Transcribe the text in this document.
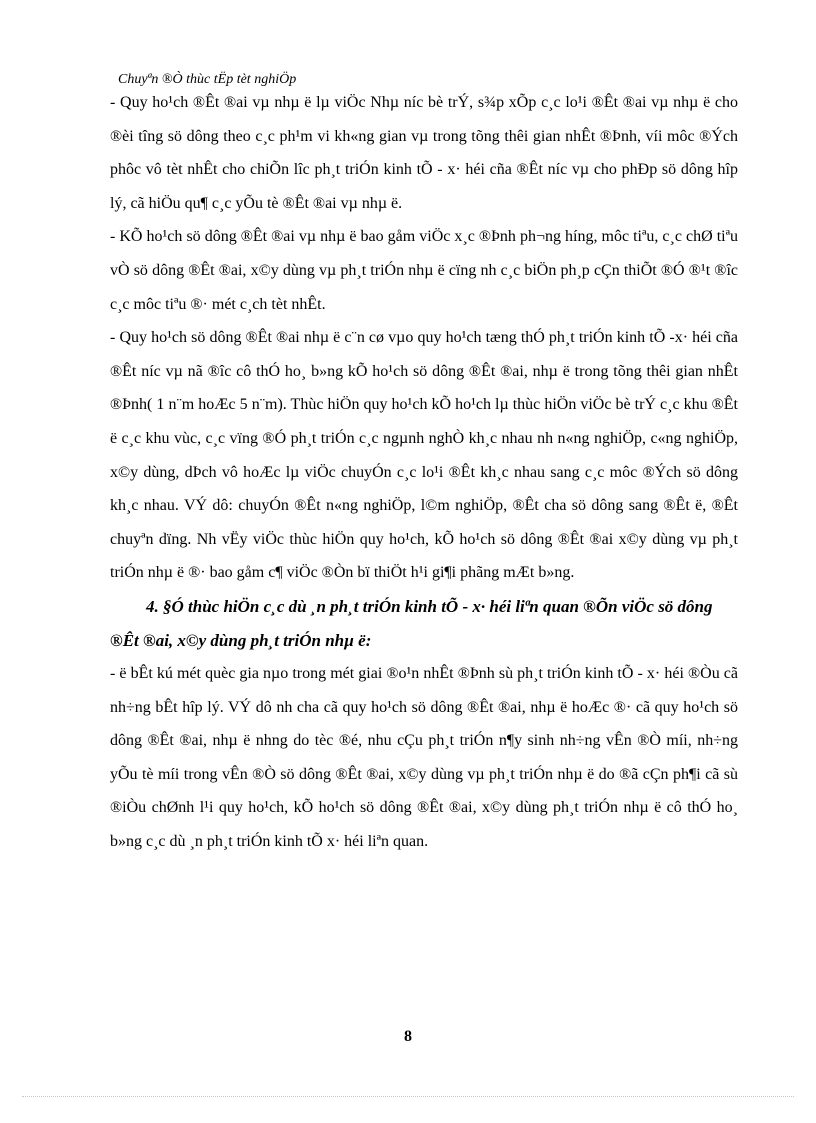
Chuyªn ®Ò thùc tËp tèt nghiÖp

- Quy ho¹ch ®Êt ®ai vµ nhµ ë lµ viÖc Nhµ níc bè trÝ, s¾p xÕp c¸c lo¹i ®Êt ®ai vµ nhµ ë cho ®èi tîng sö dông theo c¸c ph¹m vi kh«ng gian vµ trong tõng thêi gian nhÊt ®Þnh, víi môc ®Ých phôc vô tèt nhÊt cho chiÕn lîc ph¸t triÓn kinh tÕ - x· héi cña ®Êt níc vµ cho phÐp sö dông hîp lý, cã hiÖu qu¶ c¸c yÕu tè ®Êt ®ai vµ nhµ ë.

- KÕ ho¹ch sö dông ®Êt ®ai vµ nhµ ë bao gåm viÖc x¸c ®Þnh ph¬ng híng, môc tiªu, c¸c chØ tiªu vÒ sö dông ®Êt ®ai, x©y dùng vµ ph¸t triÓn nhµ ë cïng nh c¸c biÖn ph¸p cÇn thiÕt ®Ó ®¹t ®îc c¸c môc tiªu ®· mét c¸ch tèt nhÊt.

- Quy ho¹ch sö dông ®Êt ®ai nhµ ë c¨n cø vµo quy ho¹ch tæng thÓ ph¸t triÓn kinh tÕ -x· héi cña ®Êt níc vµ nã ®îc cô thÓ ho¸ b»ng kÕ ho¹ch sö dông ®Êt ®ai, nhµ ë trong tõng thêi gian nhÊt ®Þnh( 1 n¨m hoÆc 5 n¨m). Thùc hiÖn quy ho¹ch kÕ ho¹ch lµ thùc hiÖn viÖc bè trÝ c¸c khu ®Êt ë c¸c khu vùc, c¸c vïng ®Ó ph¸t triÓn c¸c ngµnh nghÒ kh¸c nhau nh n«ng nghiÖp, c«ng nghiÖp, x©y dùng, dÞch vô hoÆc lµ viÖc chuyÓn c¸c lo¹i ®Êt kh¸c nhau sang c¸c môc ®Ých sö dông kh¸c nhau. VÝ dô: chuyÓn ®Êt n«ng nghiÖp, l©m nghiÖp, ®Êt cha sö dông sang ®Êt ë, ®Êt chuyªn dïng. Nh vËy viÖc thùc hiÖn quy ho¹ch, kÕ ho¹ch sö dông ®Êt ®ai x©y dùng vµ ph¸t triÓn nhµ ë ®· bao gåm c¶ viÖc ®Òn bï thiÖt h¹i gi¶i phãng mÆt b»ng.

4. §Ó thùc hiÖn c¸c dù ¸n ph¸t triÓn kinh tÕ - x· héi liªn quan ®Õn viÖc sö dông ®Êt ®ai, x©y dùng ph¸t triÓn nhµ ë:

- ë bÊt kú mét quèc gia nµo trong mét giai ®o¹n nhÊt ®Þnh sù ph¸t triÓn kinh tÕ - x· héi ®Òu cã nh÷ng bÊt hîp lý. VÝ dô nh cha cã quy ho¹ch sö dông ®Êt ®ai, nhµ ë hoÆc ®· cã quy ho¹ch sö dông ®Êt ®ai, nhµ ë nhng do tèc ®é, nhu cÇu ph¸t triÓn n¶y sinh nh÷ng vÊn ®Ò míi, nh÷ng yÕu tè míi trong vÊn ®Ò sö dông ®Êt ®ai, x©y dùng vµ ph¸t triÓn nhµ ë do ®ã cÇn ph¶i cã sù ®iÒu chØnh l¹i quy ho¹ch, kÕ ho¹ch sö dông ®Êt ®ai, x©y dùng ph¸t triÓn nhµ ë cô thÓ ho¸ b»ng c¸c dù ¸n ph¸t triÓn kinh tÕ x· héi liªn quan.

8
